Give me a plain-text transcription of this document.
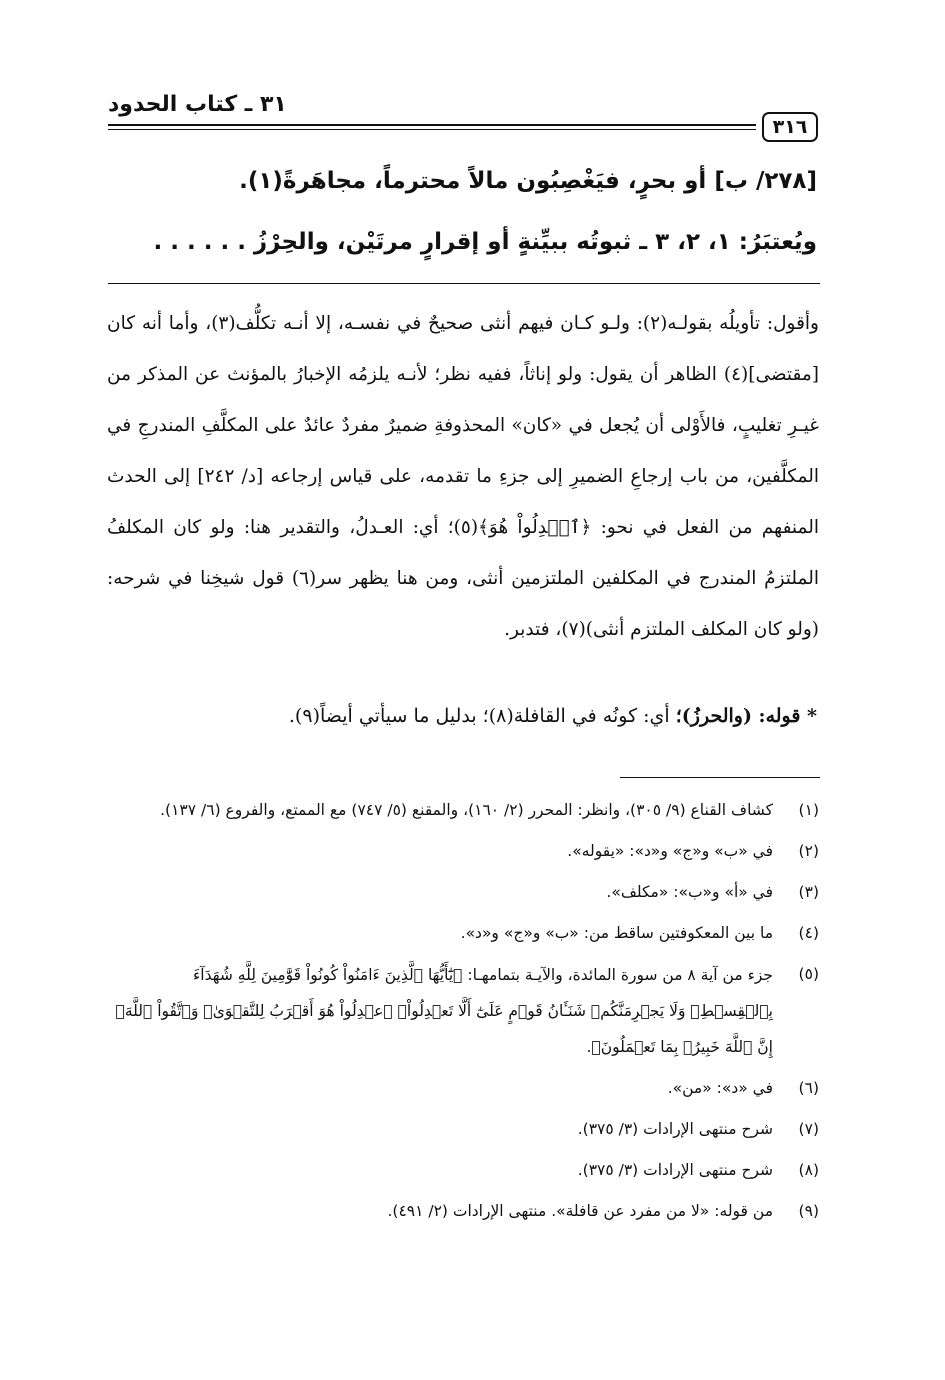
٣١ ـ كتاب الحدود
٣١٦
[٢٧٨/ ب] أو بحرٍ، فيَغْصِبُون مالاً محترماً، مجاهَرةً(١).
ويُعتبَرُ: ١، ٢، ٣ ـ ثبوتُه ببيِّنةٍ أو إقرارٍ مرتَيْن، والحِرْزُ . . . . . .

وأقول: تأويلُه بقولـه(٢): ولـو كـان فيهم أنثى صحيحٌ في نفسـه، إلا أنـه تكلُّف(٣)، وأما أنه كان [مقتضى](٤) الظاهر أن يقول: ولو إناثاً، ففيه نظر؛ لأنـه يلزمُه الإخبارُ بالمؤنث عن المذكر من غيـرِ تغليبٍ، فالأَوْلى أن يُجعل في «كان» المحذوفةِ ضميرٌ مفردٌ عائدٌ على المكلَّفِ المندرجِ في المكلَّفين، من باب إرجاعِ الضميرِ إلى جزءِ ما تقدمه، على قياس إرجاعه [د/ ٢٤٢] إلى الحدث المنفهم من الفعل في نحو: ﴿ٱعۡدِلُواْ هُوَ﴾(٥)؛ أي: العـدلُ، والتقدير هنا: ولو كان المكلفُ الملتزمُ المندرج في المكلفين الملتزمين أنثى، ومن هنا يظهر سر(٦) قول شيخِنا في شرحه: (ولو كان المكلف الملتزم أنثى)(٧)، فتدبر.

* قوله: (والحرزُ)؛ أي: كونُه في القافلة(٨)؛ بدليل ما سيأتي أيضاً(٩).
(١)
كشاف القناع (٩/ ٣٠٥)، وانظر: المحرر (٢/ ١٦٠)، والمقنع (٥/ ٧٤٧) مع الممتع، والفروع (٦/ ١٣٧).
(٢)
في «ب» و«ج» و«د»: «يقوله».
(٣)
في «أ» و«ب»: «مكلف».
(٤)
ما بين المعكوفتين ساقط من: «ب» و«ج» و«د».
(٥)
جزء من آية ٨ من سورة المائدة، والآيـة بتمامهـا: ﴿يَٰٓأَيُّهَا ٱلَّذِينَ ءَامَنُواْ كُونُواْ قَوَّٰمِينَ لِلَّهِ شُهَدَآءَ بِٱلۡقِسۡطِۖ وَلَا يَجۡرِمَنَّكُمۡ شَنَـَٔانُ قَوۡمٍ عَلَىٰٓ أَلَّا تَعۡدِلُواْۚ ٱعۡدِلُواْ هُوَ أَقۡرَبُ لِلتَّقۡوَىٰۖ وَٱتَّقُواْ ٱللَّهَۚ إِنَّ ٱللَّهَ خَبِيرُۢ بِمَا تَعۡمَلُونَ﴾.
(٦)
في «د»: «من».
(٧)
شرح منتهى الإرادات (٣/ ٣٧٥).
(٨)
شرح منتهى الإرادات (٣/ ٣٧٥).
(٩)
من قوله: «لا من مفرد عن قافلة». منتهى الإرادات (٢/ ٤٩١).
